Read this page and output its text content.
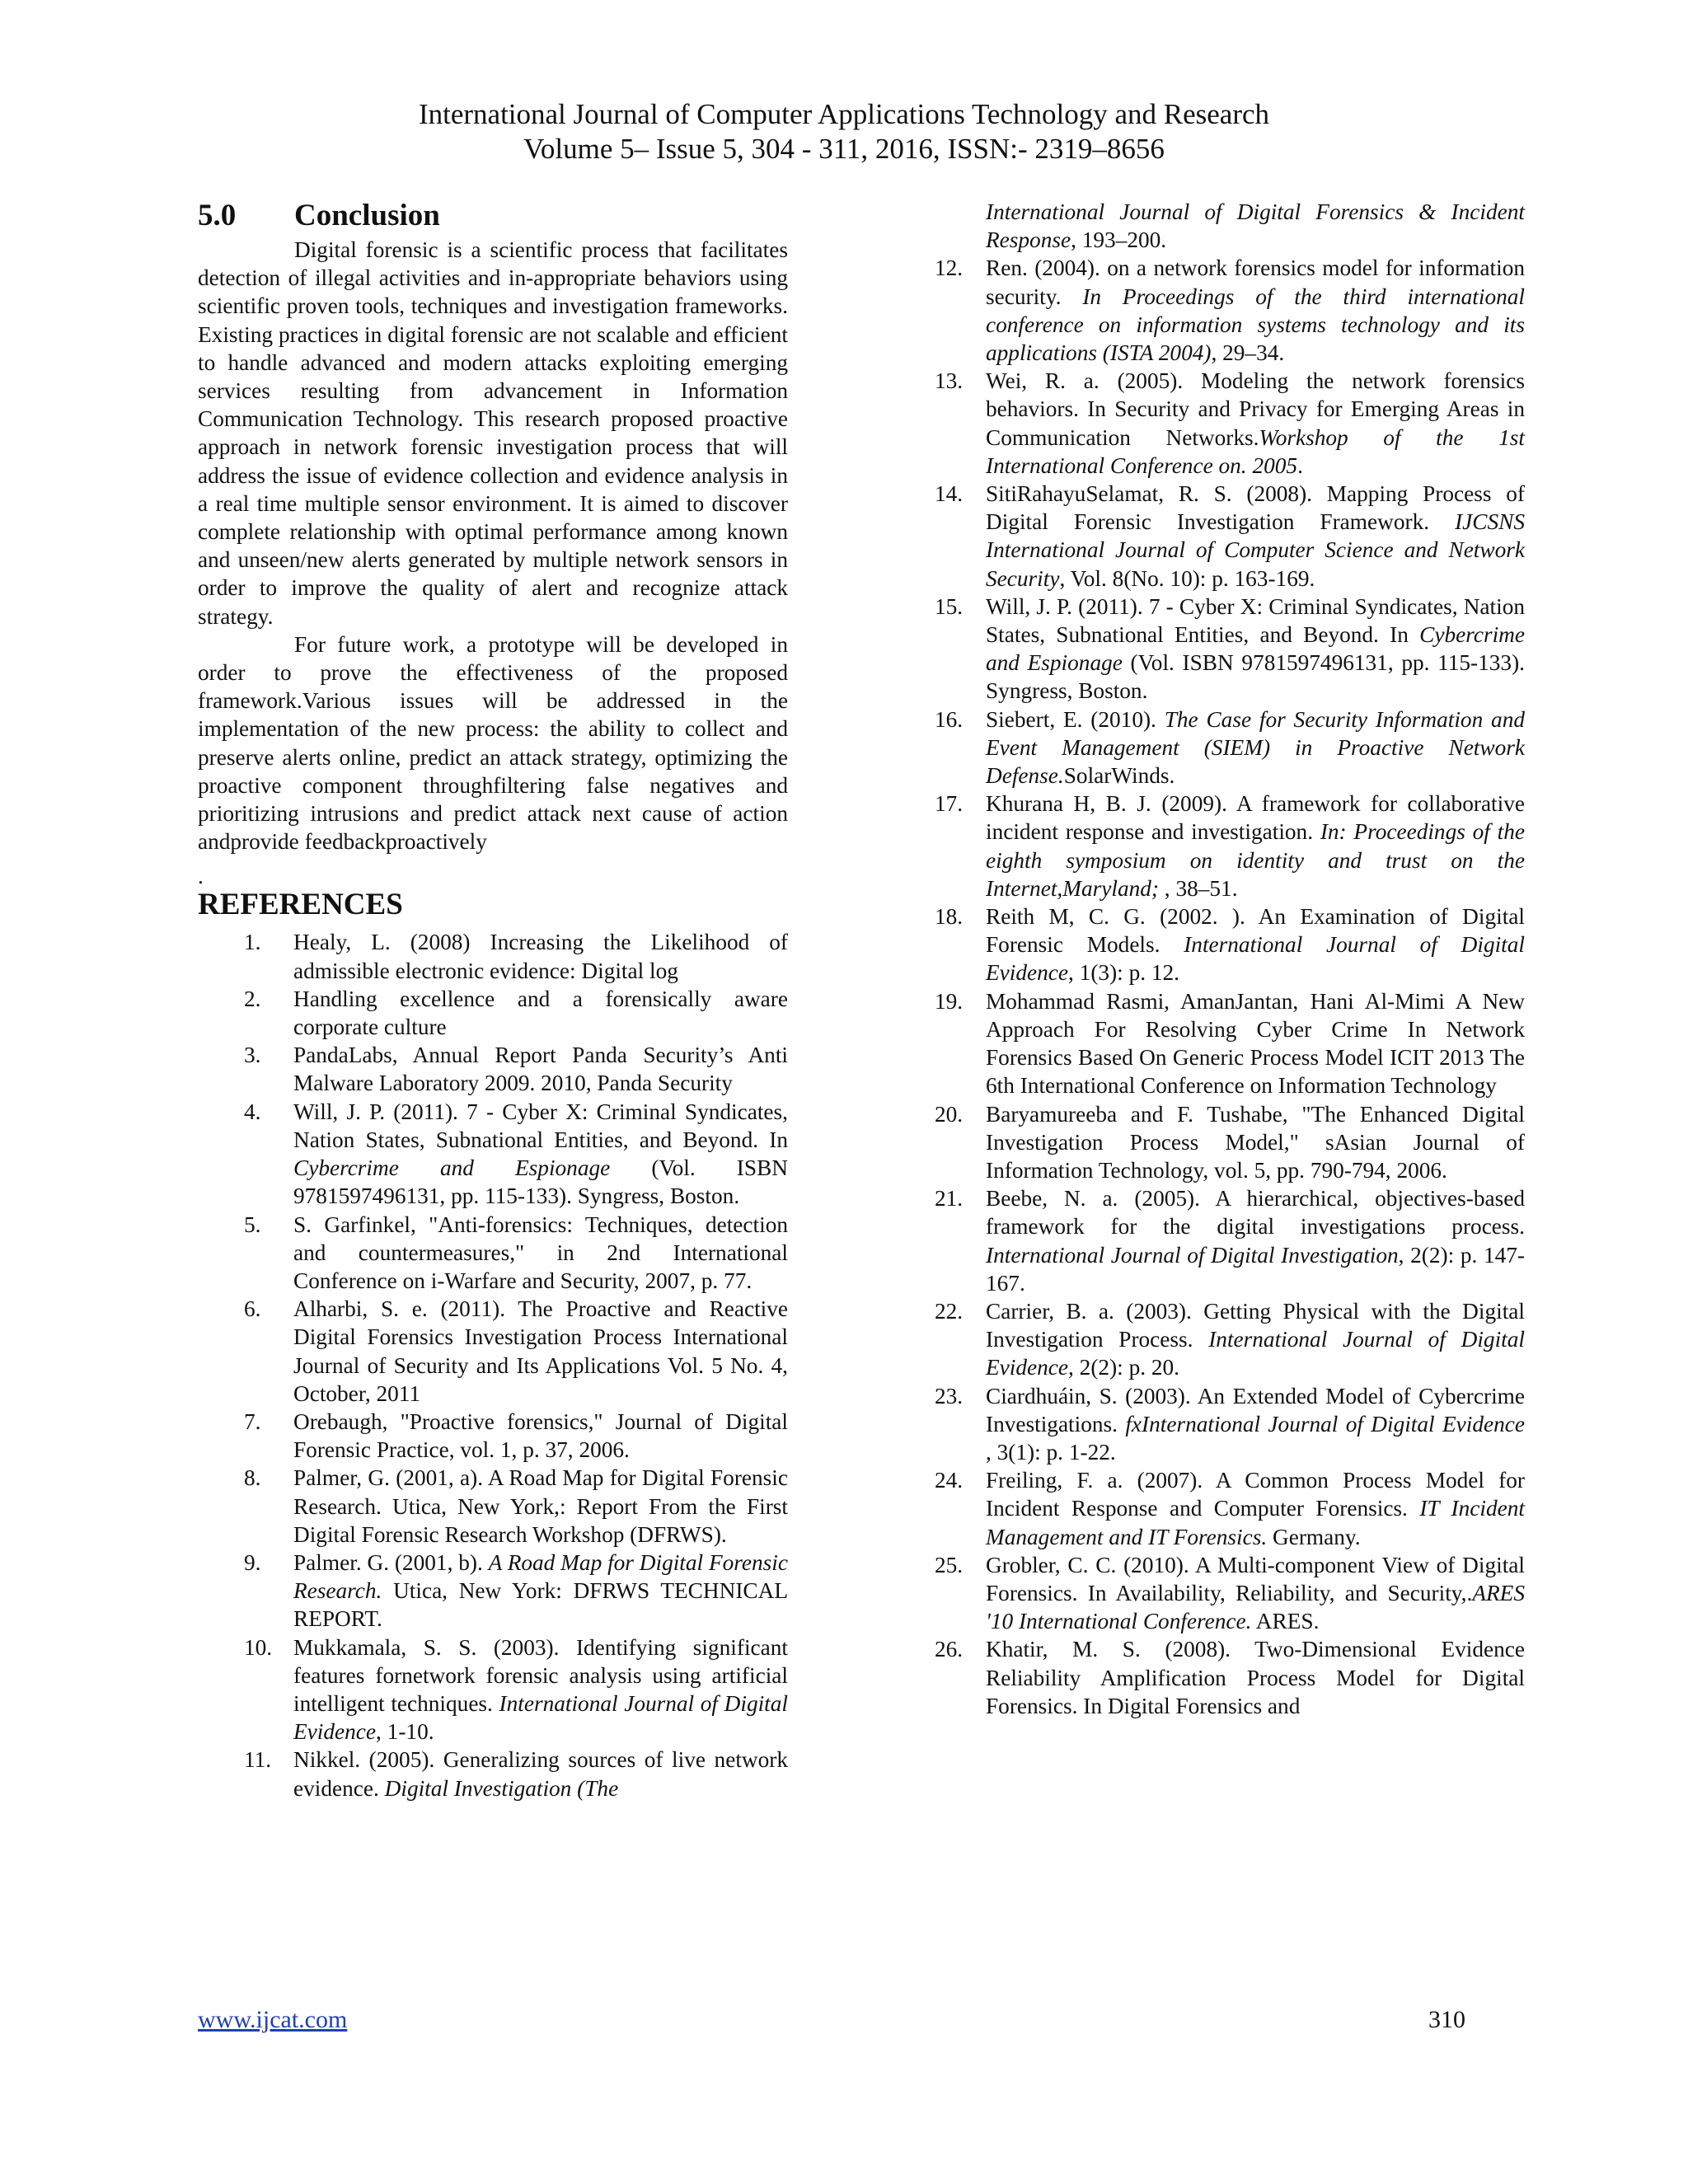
International Journal of Computer Applications Technology and Research
Volume 5– Issue 5, 304 - 311, 2016, ISSN:- 2319–8656
5.0	Conclusion

Digital forensic is a scientific process that facilitates detection of illegal activities and in-appropriate behaviors using scientific proven tools, techniques and investigation frameworks. Existing practices in digital forensic are not scalable and efficient to handle advanced and modern attacks exploiting emerging services resulting from advancement in Information Communication Technology. This research proposed proactive approach in network forensic investigation process that will address the issue of evidence collection and evidence analysis in a real time multiple sensor environment. It is aimed to discover complete relationship with optimal performance among known and unseen/new alerts generated by multiple network sensors in order to improve the quality of alert and recognize attack strategy.

For future work, a prototype will be developed in order to prove the effectiveness of the proposed framework.Various issues will be addressed in the implementation of the new process: the ability to collect and preserve alerts online, predict an attack strategy, optimizing the proactive component throughfiltering false negatives and prioritizing intrusions and predict attack next cause of action andprovide feedbackproactively

.
REFERENCES
1.	Healy, L. (2008) Increasing the Likelihood of admissible electronic evidence: Digital log
2.	Handling excellence and a forensically aware corporate culture
3.	PandaLabs, Annual Report Panda Security’s Anti Malware Laboratory 2009. 2010, Panda Security
4.	Will, J. P. (2011). 7 - Cyber X: Criminal Syndicates, Nation States, Subnational Entities, and Beyond. In Cybercrime and Espionage (Vol. ISBN 9781597496131, pp. 115-133). Syngress, Boston.
5.	S. Garfinkel, "Anti-forensics: Techniques, detection and countermeasures," in 2nd International Conference on i-Warfare and Security, 2007, p. 77.
6.	Alharbi, S. e. (2011). The Proactive and Reactive Digital Forensics Investigation Process International Journal of Security and Its Applications Vol. 5 No. 4, October, 2011
7.	Orebaugh, "Proactive forensics," Journal of Digital Forensic Practice, vol. 1, p. 37, 2006.
8.	Palmer, G. (2001, a). A Road Map for Digital Forensic Research. Utica, New York,: Report From the First Digital Forensic Research Workshop (DFRWS).
9.	Palmer. G. (2001, b). A Road Map for Digital Forensic Research. Utica, New York: DFRWS TECHNICAL REPORT.
10. Mukkamala, S. S. (2003). Identifying significant features fornetwork forensic analysis using artificial intelligent techniques. International Journal of Digital Evidence, 1-10.
11. Nikkel. (2005). Generalizing sources of live network evidence. Digital Investigation (The
International Journal of Digital Forensics & Incident Response, 193–200.
12.	Ren. (2004). on a network forensics model for information security. In Proceedings of the third international conference on information systems technology and its applications (ISTA 2004), 29–34.
13.	Wei, R. a. (2005). Modeling the network forensics behaviors. In Security and Privacy for Emerging Areas in Communication Networks.Workshop of the 1st International Conference on. 2005.
14.	SitiRahayuSelamat, R. S. (2008). Mapping Process of Digital Forensic Investigation Framework. IJCSNS International Journal of Computer Science and Network Security, Vol. 8(No. 10): p. 163-169.
15.	Will, J. P. (2011). 7 - Cyber X: Criminal Syndicates, Nation States, Subnational Entities, and Beyond. In Cybercrime and Espionage (Vol. ISBN 9781597496131, pp. 115-133). Syngress, Boston.
16.	Siebert, E. (2010). The Case for Security Information and Event Management (SIEM) in Proactive Network Defense.SolarWinds.
17.	Khurana H, B. J. (2009). A framework for collaborative incident response and investigation. In: Proceedings of the eighth symposium on identity and trust on the Internet,Maryland; , 38–51.
18.	Reith M, C. G. (2002. ). An Examination of Digital Forensic Models. International Journal of Digital Evidence, 1(3): p. 12.
19.	Mohammad Rasmi, AmanJantan, Hani Al-Mimi A New Approach For Resolving Cyber Crime In Network Forensics Based On Generic Process Model ICIT 2013 The 6th International Conference on Information Technology
20.	Baryamureeba and F. Tushabe, "The Enhanced Digital Investigation Process Model," sAsian Journal of Information Technology, vol. 5, pp. 790-794, 2006.
21.	Beebe, N. a. (2005). A hierarchical, objectives-based framework for the digital investigations process. International Journal of Digital Investigation, 2(2): p. 147-167.
22.	Carrier, B. a. (2003). Getting Physical with the Digital Investigation Process. International Journal of Digital Evidence, 2(2): p. 20.
23.	Ciardhuáin, S. (2003). An Extended Model of Cybercrime Investigations. fxInternational Journal of Digital Evidence , 3(1): p. 1-22.
24.	Freiling, F. a. (2007). A Common Process Model for Incident Response and Computer Forensics. IT Incident Management and IT Forensics. Germany.
25.	Grobler, C. C. (2010). A Multi-component View of Digital Forensics. In Availability, Reliability, and Security,.ARES '10 International Conference. ARES.
26.	Khatir, M. S. (2008). Two-Dimensional Evidence Reliability Amplification Process Model for Digital Forensics. In Digital Forensics and
www.ijcat.com	310
